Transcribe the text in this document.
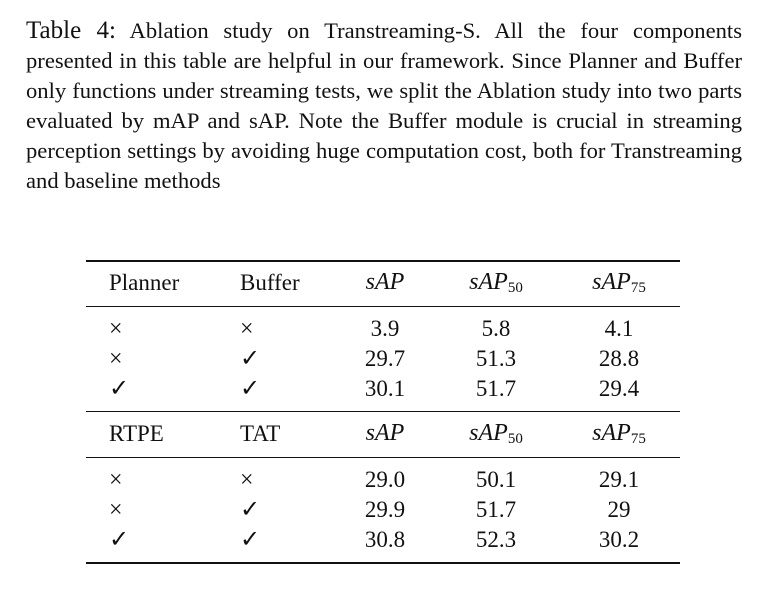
Table 4: Ablation study on Transtreaming-S. All the four components presented in this table are helpful in our framework. Since Planner and Buffer only functions under streaming tests, we split the Ablation study into two parts evaluated by mAP and sAP. Note the Buffer module is crucial in streaming perception settings by avoiding huge computation cost, both for Transtreaming and baseline methods
Planner	Buffer	sAP	sAP$_{50}$	sAP$_{75}$
×	×	3.9	5.8	4.1
×	✓	29.7	51.3	28.8
✓	✓	30.1	51.7	29.4
RTPE	TAT	sAP	sAP$_{50}$	sAP$_{75}$
×	×	29.0	50.1	29.1
×	✓	29.9	51.7	29
✓	✓	30.8	52.3	30.2
